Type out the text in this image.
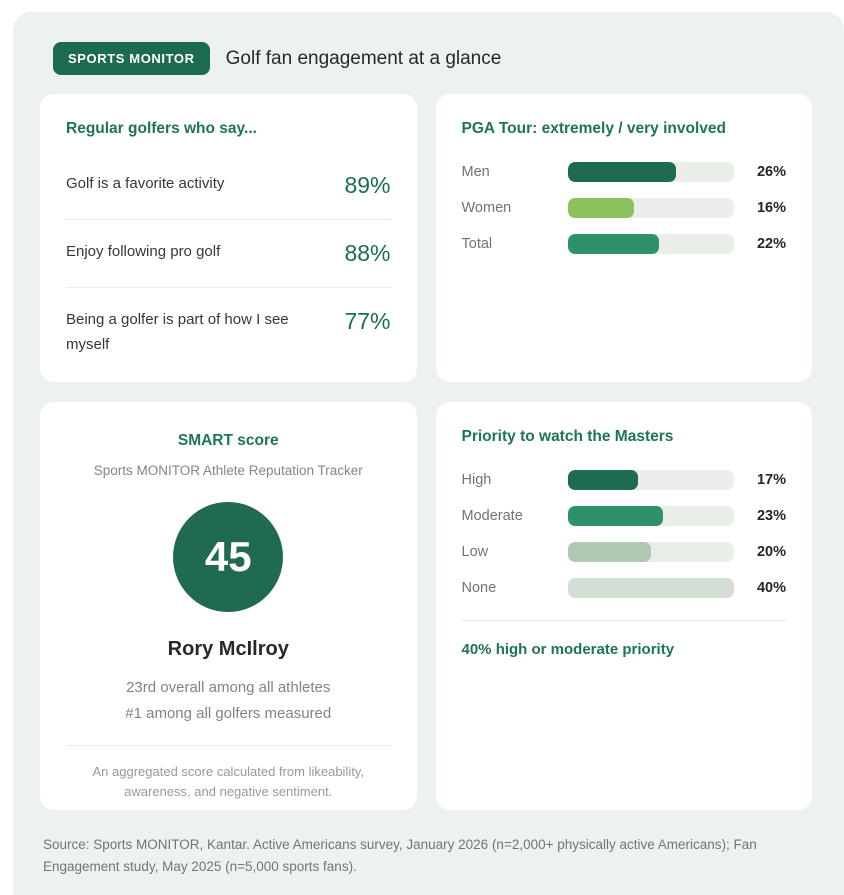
SPORTS MONITOR	Golf fan engagement at a glance
Regular golfers who say...
Golf is a favorite activity	89%
Enjoy following pro golf	88%
Being a golfer is part of how I see myself
77%
PGA Tour: extremely / very involved
Men	26%
Women	16%
Total	22%
SMART score
Sports MONITOR Athlete Reputation Tracker
45
Rory McIlroy
23rd overall among all athletes
#1 among all golfers measured
An aggregated score calculated from likeability, awareness, and negative sentiment.
Priority to watch the Masters
High	17%
Moderate	23%
Low	20%
None	40%
40% high or moderate priority
Source: Sports MONITOR, Kantar. Active Americans survey, January 2026 (n=2,000+ physically active Americans); Fan Engagement study, May 2025 (n=5,000 sports fans).
